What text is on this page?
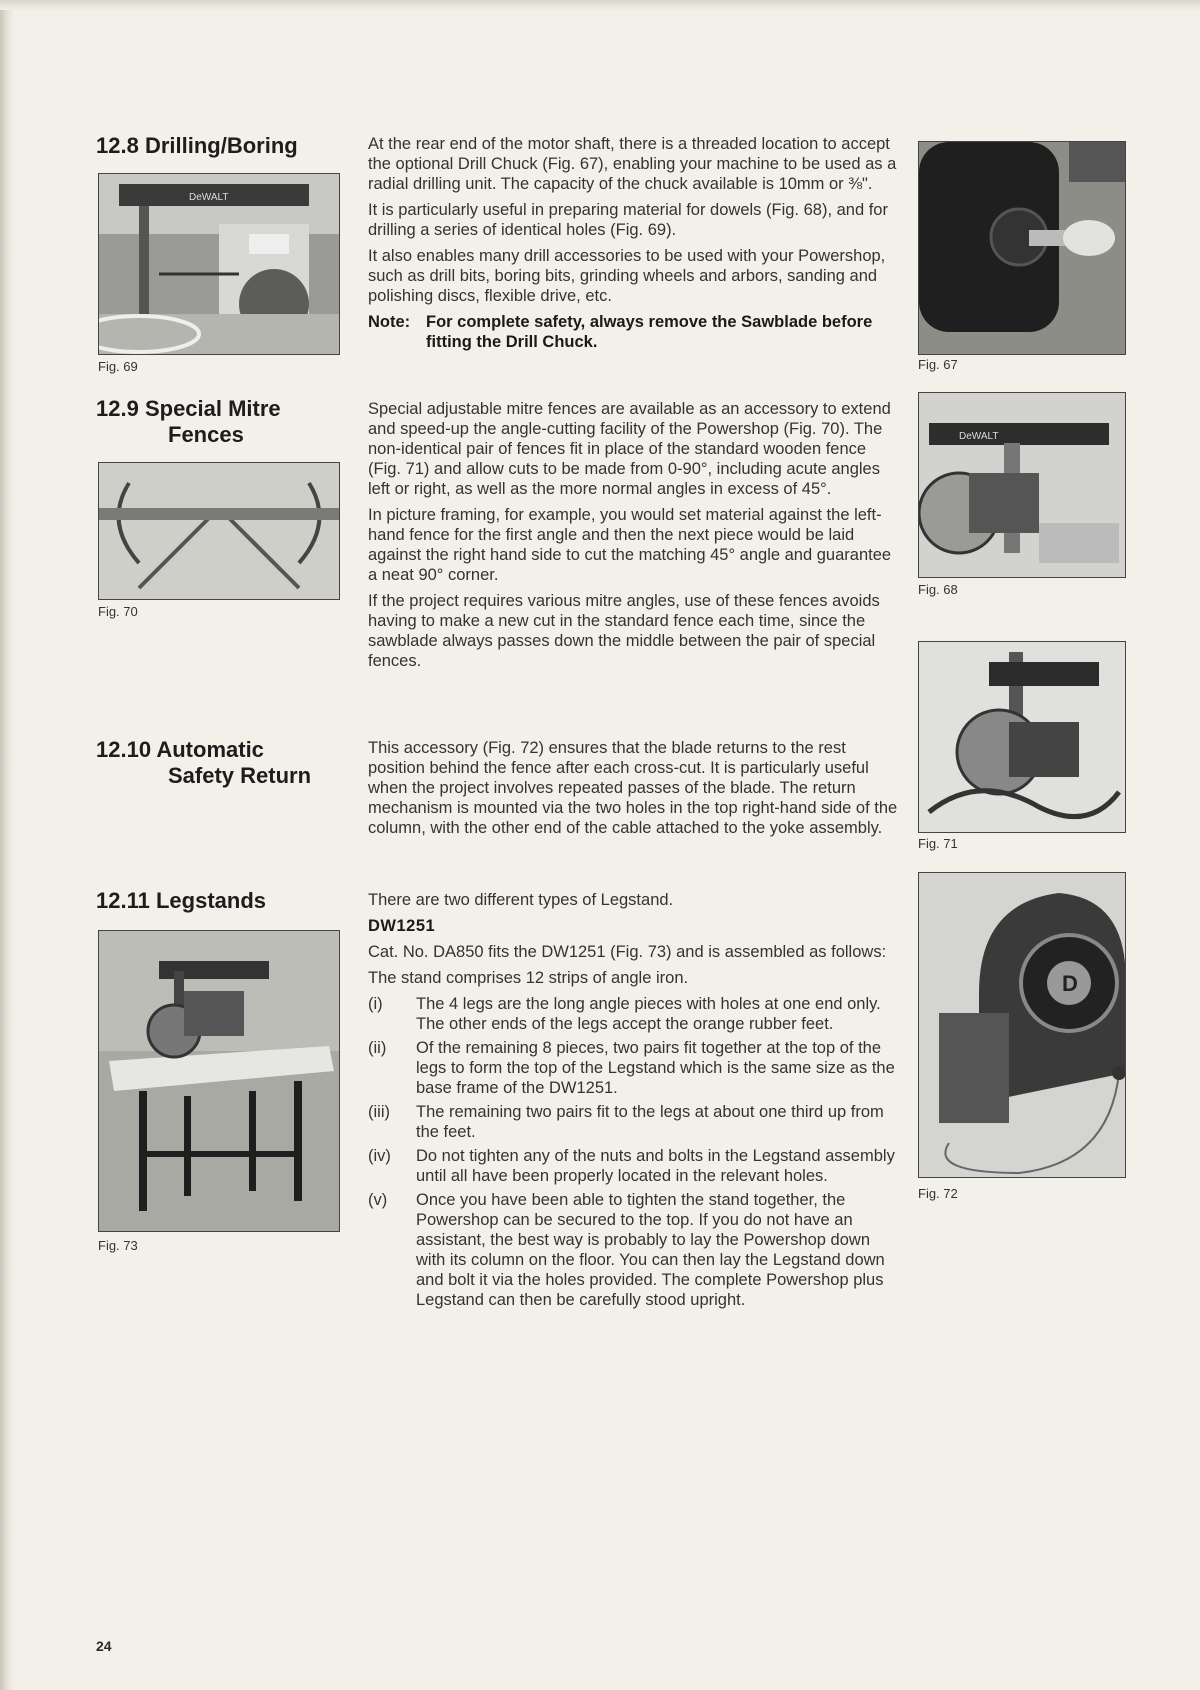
12.8 Drilling/Boring
DeWALT
Fig. 69
12.9 Special Mitre
Fences
Fig. 70
12.10 Automatic
Safety Return
12.11 Legstands
Fig. 73
Fig. 67
DeWALT
Fig. 68
Fig. 71
D
Fig. 72

At the rear end of the motor shaft, there is a threaded location to accept the optional Drill Chuck (Fig. 67), enabling your machine to be used as a radial drilling unit. The capacity of the chuck available is 10mm or ⅜".

It is particularly useful in preparing material for dowels (Fig. 68), and for drilling a series of identical holes (Fig. 69).

It also enables many drill accessories to be used with your Powershop, such as drill bits, boring bits, grinding wheels and arbors, sanding and polishing discs, flexible drive, etc.

Note: For complete safety, always remove the Sawblade before fitting the Drill Chuck.

Special adjustable mitre fences are available as an accessory to extend and speed-up the angle-cutting facility of the Powershop (Fig. 70). The non-identical pair of fences fit in place of the standard wooden fence (Fig. 71) and allow cuts to be made from 0-90°, including acute angles left or right, as well as the more normal angles in excess of 45°.

In picture framing, for example, you would set material against the left- hand fence for the first angle and then the next piece would be laid against the right hand side to cut the matching 45° angle and guarantee a neat 90° corner.

If the project requires various mitre angles, use of these fences avoids having to make a new cut in the standard fence each time, since the sawblade always passes down the middle between the pair of special fences.

This accessory (Fig. 72) ensures that the blade returns to the rest position behind the fence after each cross-cut. It is particularly useful when the project involves repeated passes of the blade. The return mechanism is mounted via the two holes in the top right-hand side of the column, with the other end of the cable attached to the yoke assembly.

There are two different types of Legstand.

DW1251

Cat. No. DA850 fits the DW1251 (Fig. 73) and is assembled as follows:

The stand comprises 12 strips of angle iron.

(i)	The 4 legs are the long angle pieces with holes at one end only. The other ends of the legs accept the orange rubber feet.
(ii)	Of the remaining 8 pieces, two pairs fit together at the top of the legs to form the top of the Legstand which is the same size as the base frame of the DW1251.
(iii)	The remaining two pairs fit to the legs at about one third up from the feet.
(iv)	Do not tighten any of the nuts and bolts in the Legstand assembly until all have been properly located in the relevant holes.
(v)	Once you have been able to tighten the stand together, the Powershop can be secured to the top. If you do not have an assistant, the best way is probably to lay the Powershop down with its column on the floor. You can then lay the Legstand down and bolt it via the holes provided. The complete Powershop plus Legstand can then be carefully stood upright.
24
